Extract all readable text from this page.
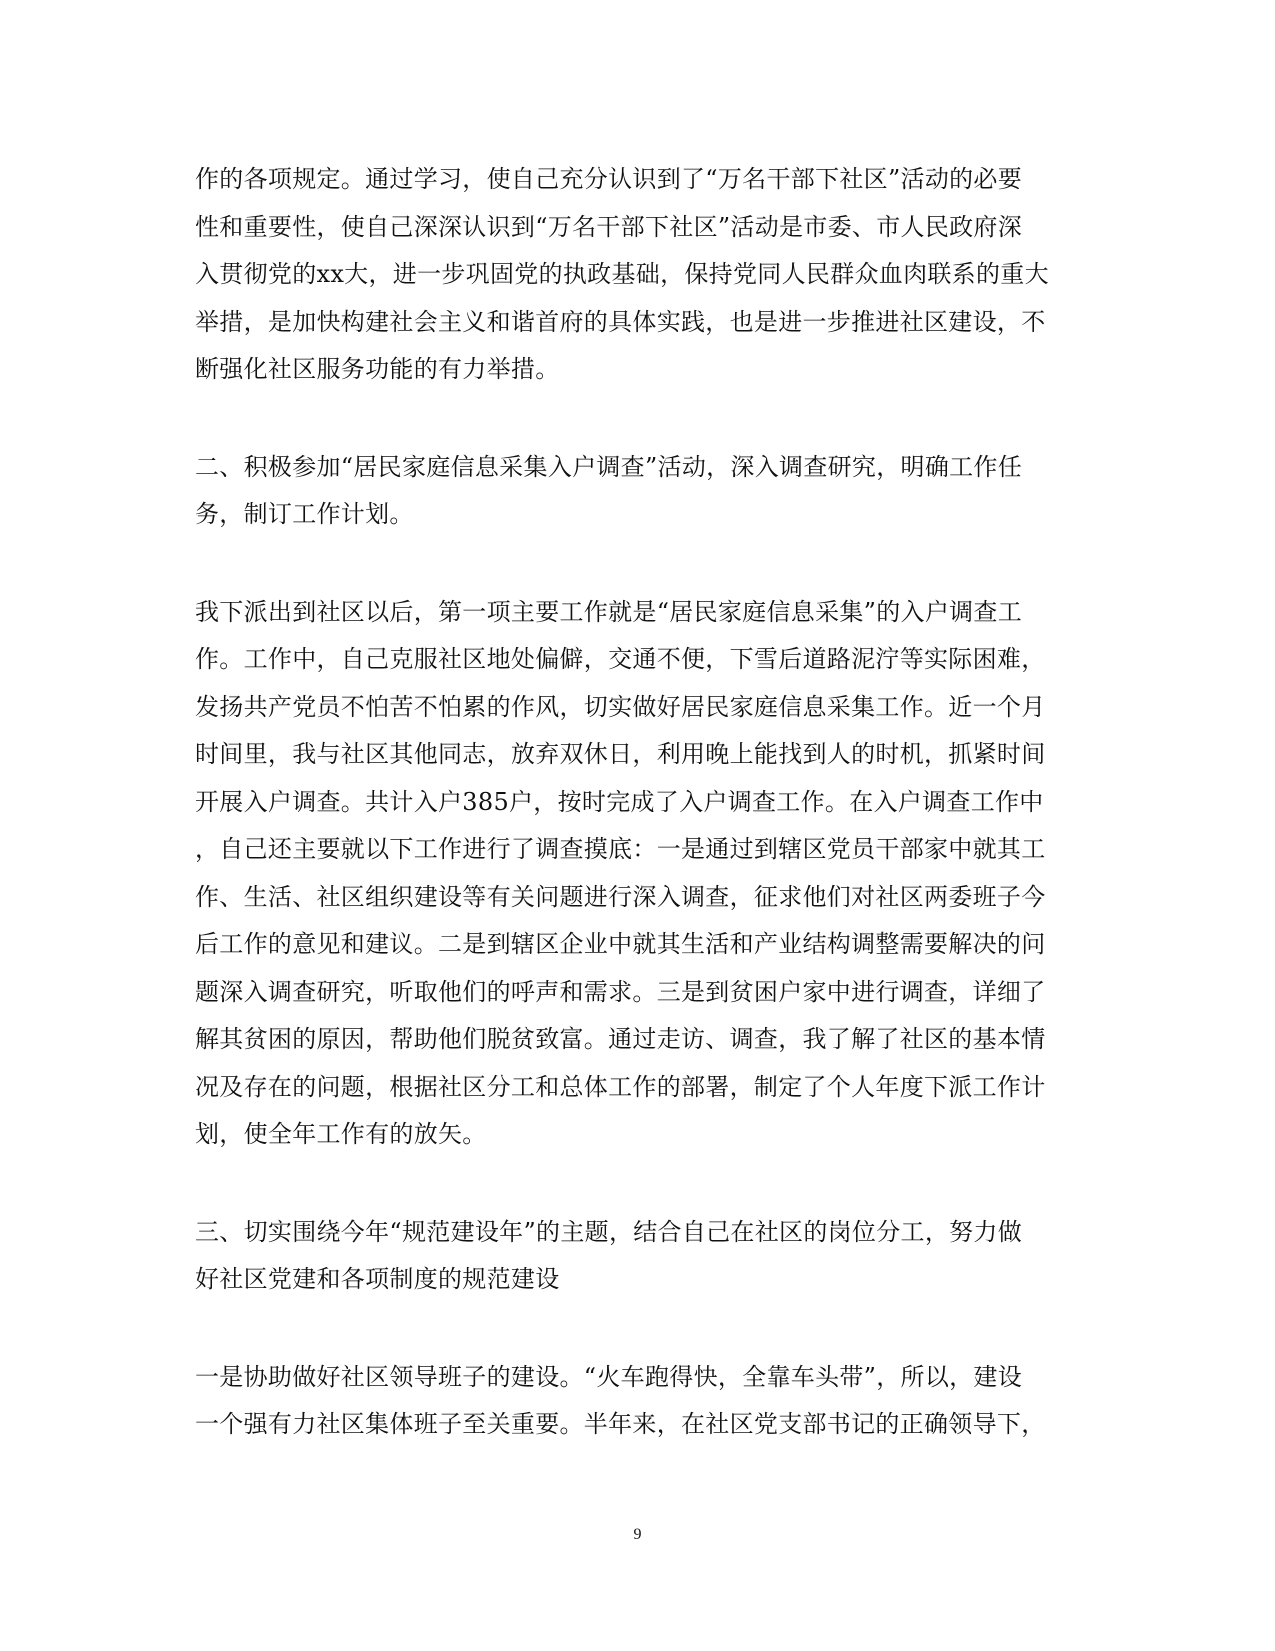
作的各项规定。通过学习，使自己充分认识到了“万名干部下社区”活动的必要
性和重要性，使自己深深认识到“万名干部下社区”活动是市委、市人民政府深
入贯彻党的xx大，进一步巩固党的执政基础，保持党同人民群众血肉联系的重大
举措，是加快构建社会主义和谐首府的具体实践，也是进一步推进社区建设，不
断强化社区服务功能的有力举措。
二、积极参加“居民家庭信息采集入户调查”活动，深入调查研究，明确工作任
务，制订工作计划。
我下派出到社区以后，第一项主要工作就是“居民家庭信息采集”的入户调查工
作。工作中，自己克服社区地处偏僻，交通不便，下雪后道路泥泞等实际困难，
发扬共产党员不怕苦不怕累的作风，切实做好居民家庭信息采集工作。近一个月
时间里，我与社区其他同志，放弃双休日，利用晚上能找到人的时机，抓紧时间
开展入户调查。共计入户385户，按时完成了入户调查工作。在入户调查工作中
，自己还主要就以下工作进行了调查摸底：一是通过到辖区党员干部家中就其工
作、生活、社区组织建设等有关问题进行深入调查，征求他们对社区两委班子今
后工作的意见和建议。二是到辖区企业中就其生活和产业结构调整需要解决的问
题深入调查研究，听取他们的呼声和需求。三是到贫困户家中进行调查，详细了
解其贫困的原因，帮助他们脱贫致富。通过走访、调查，我了解了社区的基本情
况及存在的问题，根据社区分工和总体工作的部署，制定了个人年度下派工作计
划，使全年工作有的放矢。
三、切实围绕今年“规范建设年”的主题，结合自己在社区的岗位分工，努力做
好社区党建和各项制度的规范建设
一是协助做好社区领导班子的建设。“火车跑得快，全靠车头带”，所以，建设
一个强有力社区集体班子至关重要。半年来，在社区党支部书记的正确领导下，
9
